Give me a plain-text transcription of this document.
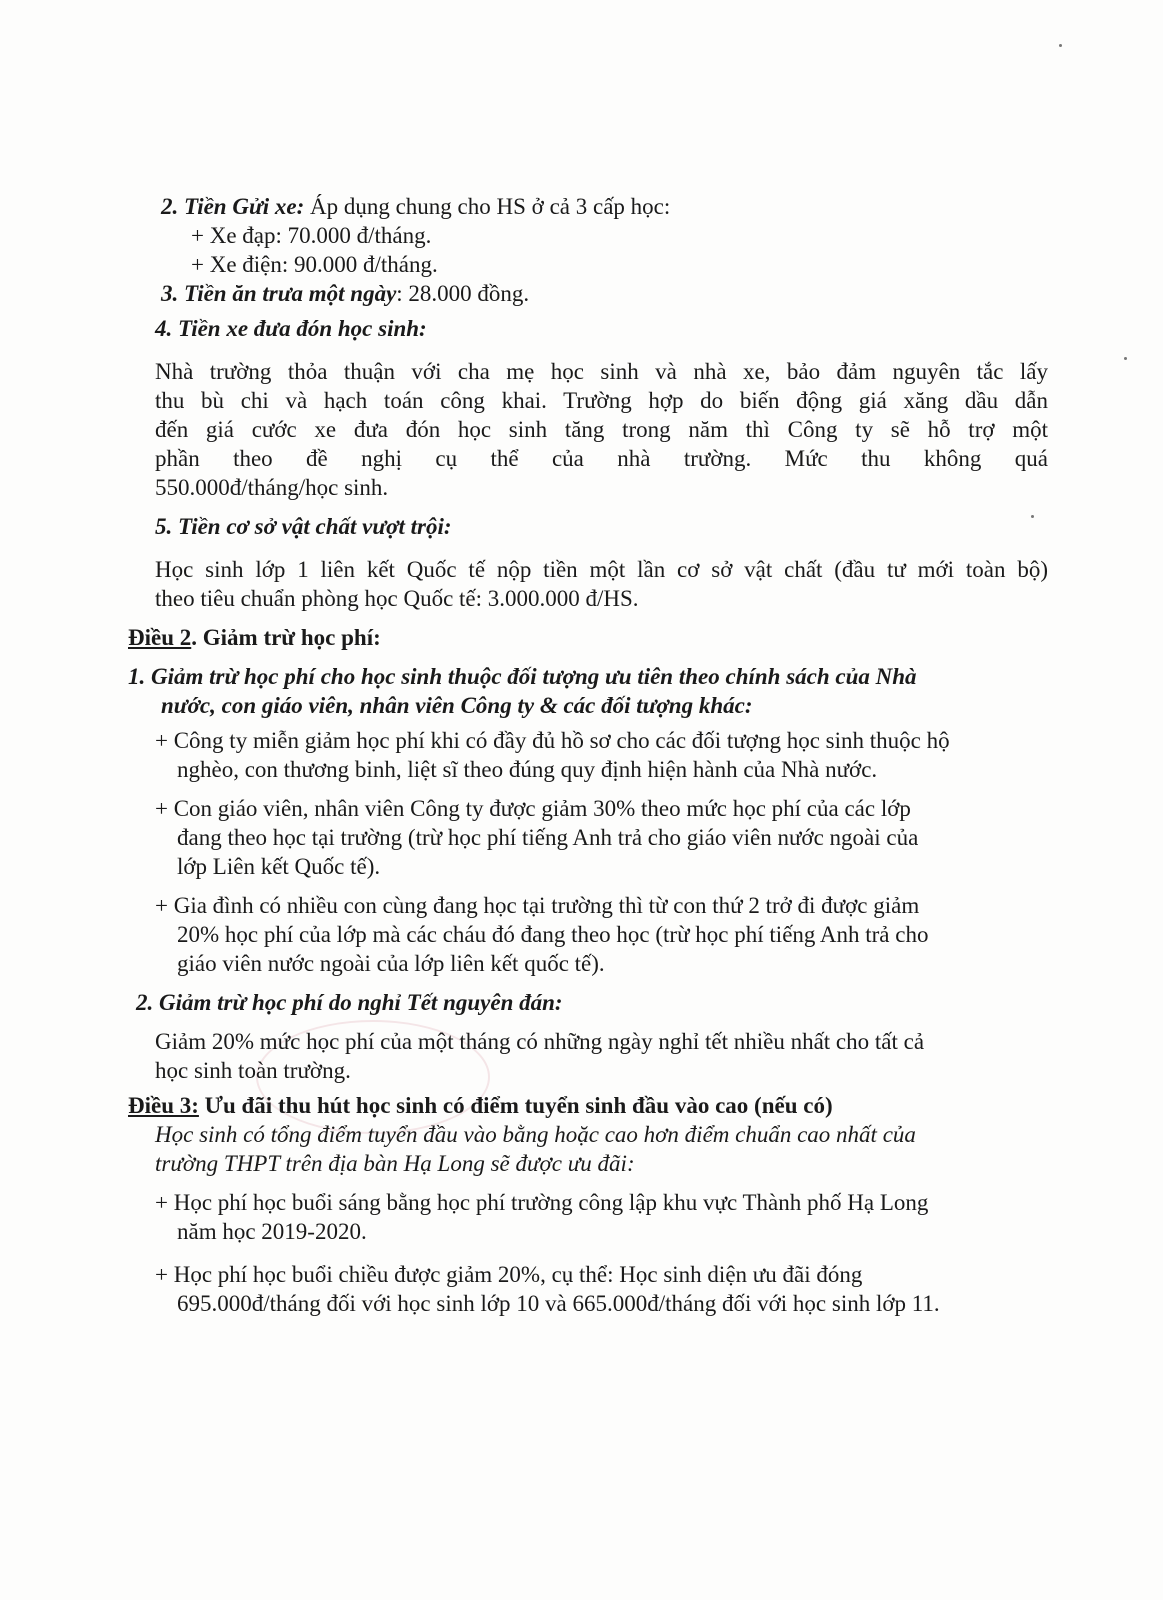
2. Tiền Gửi xe: Áp dụng chung cho HS ở cả 3 cấp học:
+ Xe đạp: 70.000 đ/tháng.
+ Xe điện: 90.000 đ/tháng.
3. Tiền ăn trưa một ngày: 28.000 đồng.
4. Tiền xe đưa đón học sinh:
Nhà trường thỏa thuận với cha mẹ học sinh và nhà xe, bảo đảm nguyên tắc lấy
thu bù chi và hạch toán công khai. Trường hợp do biến động giá xăng dầu dẫn
đến giá cước xe đưa đón học sinh tăng trong năm thì Công ty sẽ hỗ trợ một
phần theo đề nghị cụ thể của nhà trường. Mức thu không quá
550.000đ/tháng/học sinh.
5. Tiền cơ sở vật chất vượt trội:
Học sinh lớp 1 liên kết Quốc tế nộp tiền một lần cơ sở vật chất (đầu tư mới toàn bộ)
theo tiêu chuẩn phòng học Quốc tế: 3.000.000 đ/HS.
Điều 2. Giảm trừ học phí:
1. Giảm trừ học phí cho học sinh thuộc đối tượng ưu tiên theo chính sách của Nhà
nước, con giáo viên, nhân viên Công ty & các đối tượng khác:
+ Công ty miễn giảm học phí khi có đầy đủ hồ sơ cho các đối tượng học sinh thuộc hộ
nghèo, con thương binh, liệt sĩ theo đúng quy định hiện hành của Nhà nước.
+ Con giáo viên, nhân viên Công ty được giảm 30% theo mức học phí của các lớp
đang theo học tại trường (trừ học phí tiếng Anh trả cho giáo viên nước ngoài của
lớp Liên kết Quốc tế).
+ Gia đình có nhiều con cùng đang học tại trường thì từ con thứ 2 trở đi được giảm
20% học phí của lớp mà các cháu đó đang theo học (trừ học phí tiếng Anh trả cho
giáo viên nước ngoài của lớp liên kết quốc tế).
2. Giảm trừ học phí do nghỉ Tết nguyên đán:
Giảm 20% mức học phí của một tháng có những ngày nghỉ tết nhiều nhất cho tất cả
học sinh toàn trường.
Điều 3: Ưu đãi thu hút học sinh có điểm tuyển sinh đầu vào cao (nếu có)
Học sinh có tổng điểm tuyển đầu vào bằng hoặc cao hơn điểm chuẩn cao nhất của
trường THPT trên địa bàn Hạ Long sẽ được ưu đãi:
+ Học phí học buổi sáng bằng học phí trường công lập khu vực Thành phố Hạ Long
năm học 2019-2020.
+ Học phí học buổi chiều được giảm 20%, cụ thể: Học sinh diện ưu đãi đóng
695.000đ/tháng đối với học sinh lớp 10 và 665.000đ/tháng đối với học sinh lớp 11.
